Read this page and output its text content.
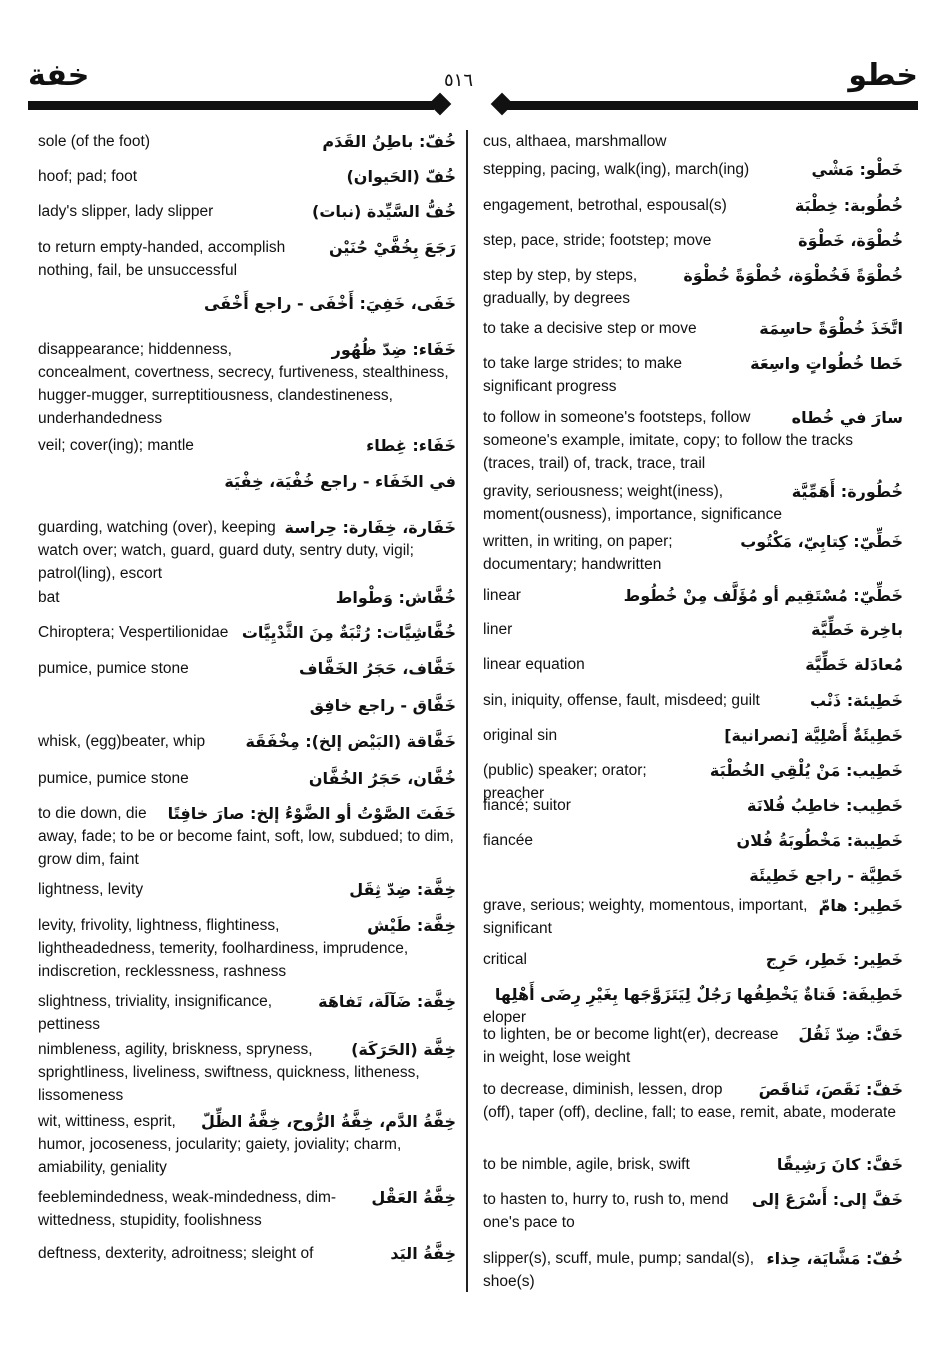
خفة	٥١٦	خطو
خُفّ: باطِنُ القَدَم
sole (of the foot)
خُفّ (الحَيوان)
hoof; pad; foot
خُفُّ السَّيِّدة (نبات)
lady's slipper, lady slipper
رَجَعَ بِخُفَّيْ حُنَيْن
to return empty-handed, accomplish nothing, fail, be unsuccessful
خَفَى، خَفِيَ: أَخْفَى - راجع أَخْفَى
خَفَاء: ضِدّ ظُهُور
disappearance; hiddenness, concealment, covertness, secrecy, furtiveness, stealthiness, hugger-mugger, surreptitiousness, clandestineness, underhandedness
خَفَاء: غِطاء
veil; cover(ing); mantle
في الخَفَاء - راجع خُفْيَة، خِفْيَة
خَفَارة، خِفَارة: حِراسة
guarding, watching (over), keeping watch over; watch, guard, guard duty, sentry duty, vigil; patrol(ling), escort
خُفَّاش: وَطْواط
bat
خُفَّاشِيَّات: رُتْبَةٌ مِنَ الثَّدْيِيَّات
Chiroptera; Vespertilionidae
خَفَّاف، حَجَرُ الخَفَّاف
pumice, pumice stone
خَفَّاق - راجع خافِق
خَفَّاقة (البَيْض إلخ): مِخْفَقَة
whisk, (egg)beater, whip
خُفَّان، حَجَرُ الخُفَّان
pumice, pumice stone
خَفَتَ الصَّوْتُ أو الضَّوْءُ إلخ: صارَ خافِتًا
to die down, die away, fade; to be or become faint, soft, low, subdued; to dim, grow dim, faint
خِفَّة: ضِدّ ثِقَل
lightness, levity
خِفَّة: طَيْش
levity, frivolity, lightness, flightiness, lightheadedness, temerity, foolhardiness, imprudence, indiscretion, recklessness, rashness
خِفَّة: ضَآلَة، تَفاهَة
slightness, triviality, insignificance, pettiness
خِفَّة (الحَرَكَة)
nimbleness, agility, briskness, spryness, sprightliness, liveliness, swiftness, quickness, litheness, lissomeness
خِفَّةُ الدَّم، خِفَّةُ الرُّوح، خِفَّةُ الظِّلّ
wit, wittiness, esprit, humor, jocoseness, jocularity; gaiety, joviality; charm, amiability, geniality
خِفَّةُ العَقْل
feeblemindedness, weak-mindedness, dim-wittedness, stupidity, foolishness
خِفَّةُ اليَد
deftness, dexterity, adroitness; sleight of
cus, althaea, marshmallow
خَطْو: مَشْي
stepping, pacing, walk(ing), march(ing)
خُطُوبة: خِطْبَة
engagement, betrothal, espousal(s)
خُطْوَة، خَطْوَة
step, pace, stride; footstep; move
خُطْوَةً فَخُطْوَة، خُطْوَةً خُطْوَة
step by step, by steps, gradually, by degrees
اتَّخَذَ خُطْوَةً حاسِمَة
to take a decisive step or move
خَطا خُطُواتٍ واسِعَة
to take large strides; to make significant progress
سارَ في خُطاه
to follow in someone's footsteps, follow someone's example, imitate, copy; to follow the tracks (traces, trail) of, track, trace, trail
خُطُورة: أَهَمِّيَّة
gravity, seriousness; weight(iness), moment(ousness), importance, significance
خَطِّيّ: كِتابِيّ، مَكْتُوب
written, in writing, on paper; documentary; handwritten
خَطِّيّ: مُسْتَقِيم أو مُؤَلَّف مِنْ خُطُوط
linear
باخِرة خَطِّيَّة
liner
مُعادَلة خَطِّيَّة
linear equation
خَطِيئة: ذَنْب
sin, iniquity, offense, fault, misdeed; guilt
خَطِيئَةٌ أَصْلِيَّة [نصرانية]
original sin
خَطِيب: مَنْ يُلْقِي الخُطْبَة
(public) speaker; orator; preacher
خَطِيب: خاطِبُ فُلانَة
fiancé; suitor
خَطِيبة: مَخْطُوبَةُ فُلان
fiancée
خَطِيَّة - راجع خَطِيئَة
خَطِير: هامّ
grave, serious; weighty, momentous, important, significant
خَطِير: خَطِر، حَرِج
critical
خَطِيفَة: فَتاةٌ يَخْطِفُها رَجُلٌ لِيَتَزَوَّجَها بِغَيْرِ رِضَى أَهْلِها
eloper
خَفَّ: ضِدّ ثَقُلَ
to lighten, be or become light(er), decrease in weight, lose weight
خَفَّ: نَقَصَ، تَناقَصَ
to decrease, diminish, lessen, drop (off), taper (off), decline, fall; to ease, remit, abate, moderate
خَفَّ: كانَ رَشِيقًا
to be nimble, agile, brisk, swift
خَفَّ إلى: أَسْرَعَ إلى
to hasten to, hurry to, rush to, mend one's pace to
خُفّ: مَشَّايَة، حِذاء
slipper(s), scuff, mule, pump; sandal(s), shoe(s)
